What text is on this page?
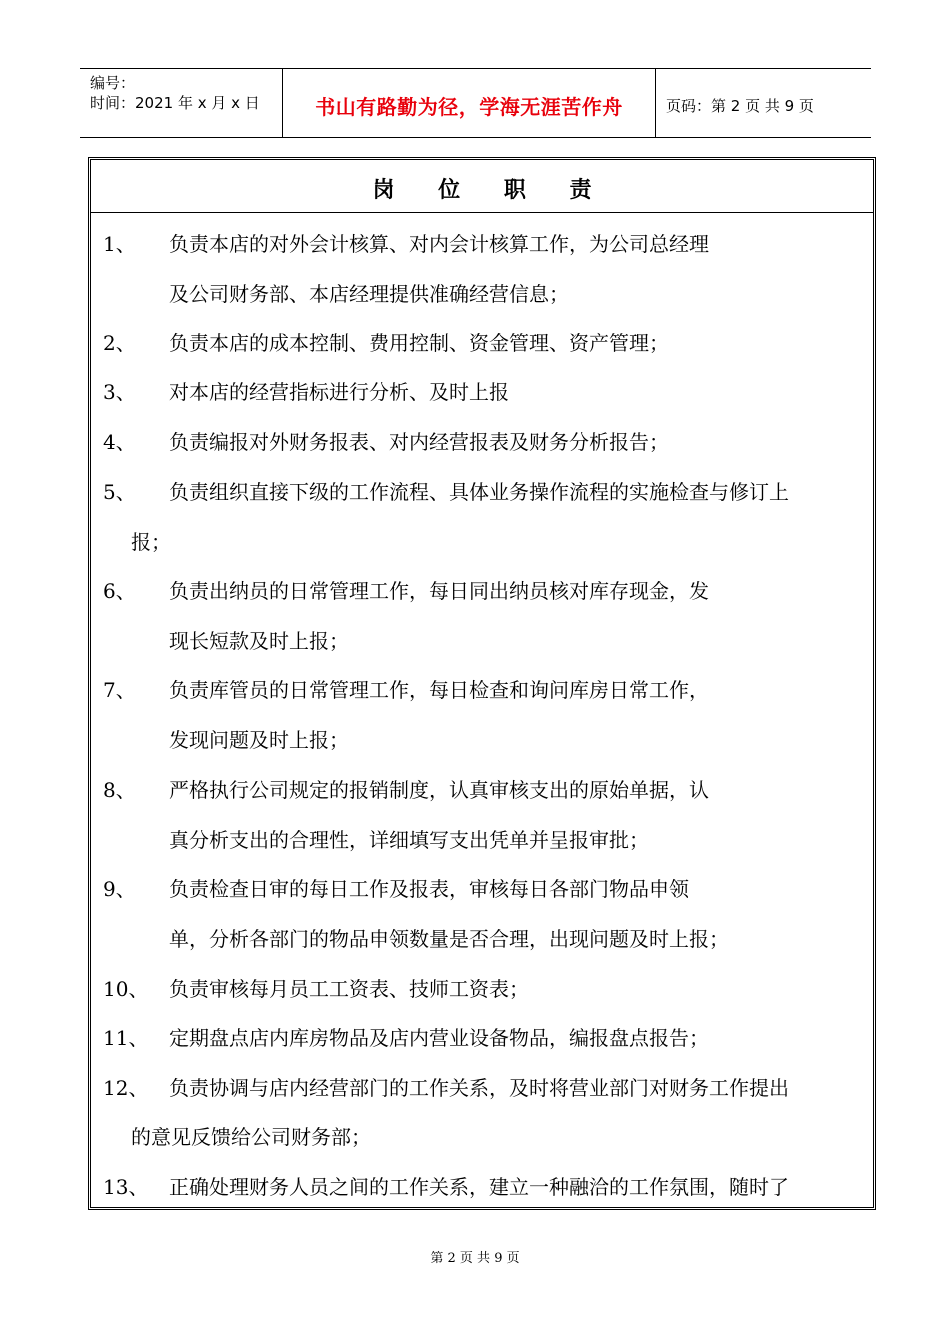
编号：
时间：2021 年 x 月 x 日	书山有路勤为径，学海无涯苦作舟	页码：第 2 页 共 9 页
岗 位 职 责
1、 负责本店的对外会计核算、对内会计核算工作，为公司总经理
及公司财务部、本店经理提供准确经营信息；
2、 负责本店的成本控制、费用控制、资金管理、资产管理；
3、 对本店的经营指标进行分析、及时上报
4、 负责编报对外财务报表、对内经营报表及财务分析报告；
5、 负责组织直接下级的工作流程、具体业务操作流程的实施检查与修订上
报；
6、 负责出纳员的日常管理工作，每日同出纳员核对库存现金，发
现长短款及时上报；
7、 负责库管员的日常管理工作，每日检查和询问库房日常工作，
发现问题及时上报；
8、 严格执行公司规定的报销制度，认真审核支出的原始单据，认
真分析支出的合理性，详细填写支出凭单并呈报审批；
9、 负责检查日审的每日工作及报表，审核每日各部门物品申领
单，分析各部门的物品申领数量是否合理，出现问题及时上报；
10、 负责审核每月员工工资表、技师工资表；
11、 定期盘点店内库房物品及店内营业设备物品，编报盘点报告；
12、 负责协调与店内经营部门的工作关系，及时将营业部门对财务工作提出
的意见反馈给公司财务部；
13、 正确处理财务人员之间的工作关系，建立一种融洽的工作氛围，随时了
第 2 页 共 9 页
